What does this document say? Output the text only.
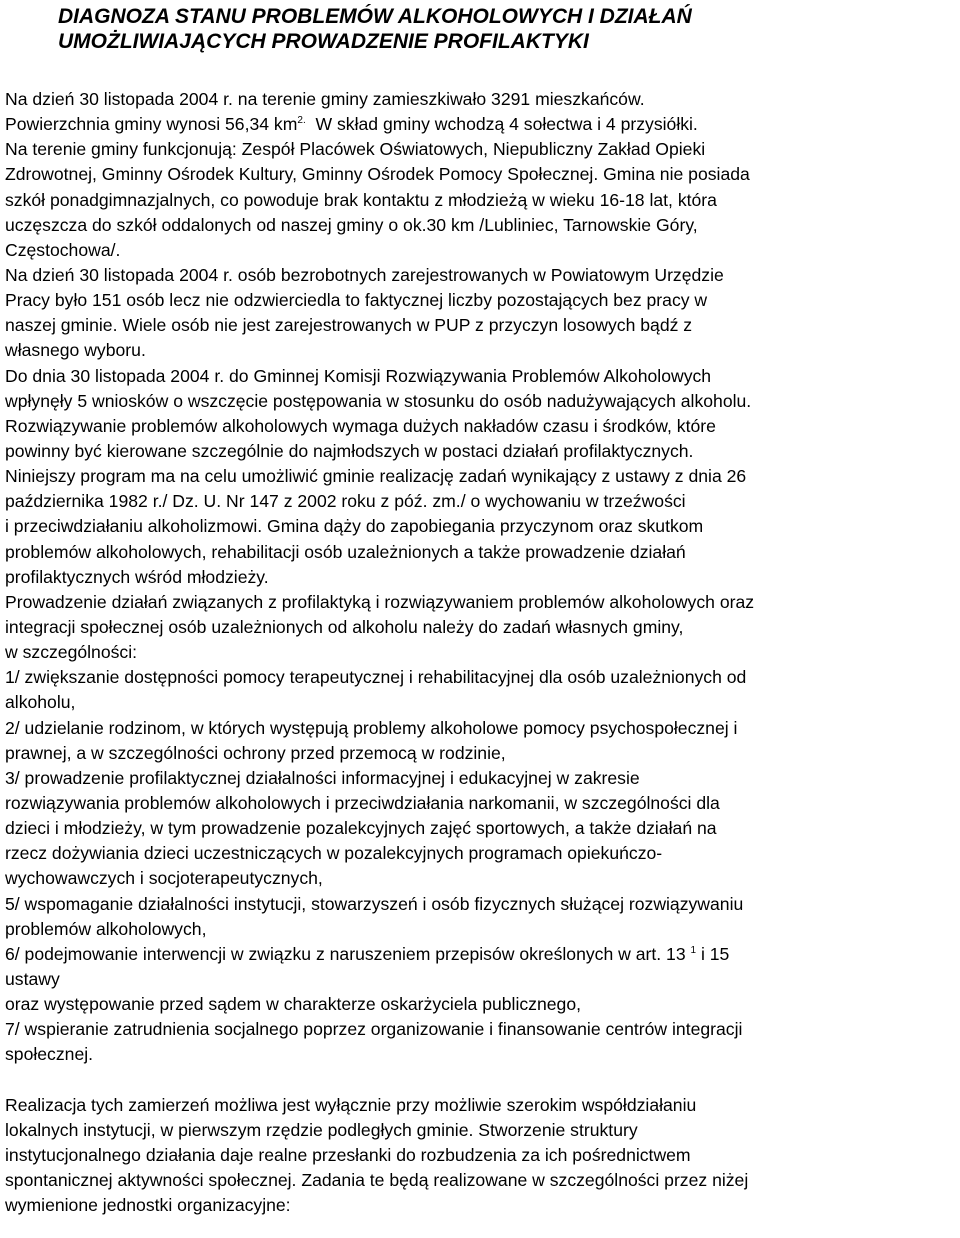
DIAGNOZA STANU PROBLEMÓW ALKOHOLOWYCH I DZIAŁAŃ
UMOŻLIWIAJĄCYCH PROWADZENIE PROFILAKTYKI
Na dzień 30 listopada 2004 r. na terenie gminy zamieszkiwało 3291 mieszkańców.
Powierzchnia gminy wynosi 56,34 $km^{2.}$  W skład gminy wchodzą 4 sołectwa i 4 przysiółki.
Na terenie gminy funkcjonują: Zespół Placówek Oświatowych, Niepubliczny Zakład Opieki
Zdrowotnej, Gminny Ośrodek Kultury, Gminny Ośrodek Pomocy Społecznej. Gmina nie posiada
szkół ponadgimnazjalnych, co powoduje brak kontaktu z młodzieżą w wieku 16-18 lat, która
uczęszcza do szkół oddalonych od naszej gminy o ok.30 km /Lubliniec, Tarnowskie Góry,
Częstochowa/.
Na dzień 30 listopada 2004 r. osób bezrobotnych zarejestrowanych w Powiatowym Urzędzie
Pracy było 151 osób lecz nie odzwierciedla to faktycznej liczby pozostających bez pracy w
naszej gminie. Wiele osób nie jest zarejestrowanych w PUP z przyczyn losowych bądź z
własnego wyboru.
Do dnia 30 listopada 2004 r. do Gminnej Komisji Rozwiązywania Problemów Alkoholowych
wpłynęły 5 wniosków o wszczęcie postępowania w stosunku do osób nadużywających alkoholu.
Rozwiązywanie problemów alkoholowych wymaga dużych nakładów czasu i środków, które
powinny być kierowane szczególnie do najmłodszych w postaci działań profilaktycznych.
Niniejszy program ma na celu umożliwić gminie realizację zadań wynikający z ustawy z dnia 26
października 1982 r./ Dz. U. Nr 147 z 2002 roku z póź. zm./ o wychowaniu w trzeźwości
i przeciwdziałaniu alkoholizmowi. Gmina dąży do zapobiegania przyczynom oraz skutkom
problemów alkoholowych, rehabilitacji osób uzależnionych a także prowadzenie działań
profilaktycznych wśród młodzieży.
Prowadzenie działań związanych z profilaktyką i rozwiązywaniem problemów alkoholowych oraz
integracji społecznej osób uzależnionych od alkoholu należy do zadań własnych gminy,
w szczególności:
1/ zwiększanie dostępności pomocy terapeutycznej i rehabilitacyjnej dla osób uzależnionych od
alkoholu,
2/ udzielanie rodzinom, w których występują problemy alkoholowe pomocy psychospołecznej i
prawnej, a w szczególności ochrony przed przemocą w rodzinie,
3/ prowadzenie profilaktycznej działalności informacyjnej i edukacyjnej w zakresie
rozwiązywania problemów alkoholowych i przeciwdziałania narkomanii, w szczególności dla
dzieci i młodzieży, w tym prowadzenie pozalekcyjnych zajęć sportowych, a także działań na
rzecz dożywiania dzieci uczestniczących w pozalekcyjnych programach opiekuńczo-
wychowawczych i socjoterapeutycznych,
5/ wspomaganie działalności instytucji, stowarzyszeń i osób fizycznych służącej rozwiązywaniu
problemów alkoholowych,
6/ podejmowanie interwencji w związku z naruszeniem przepisów określonych w art. 13 $^1$ i 15
ustawy
oraz występowanie przed sądem w charakterze oskarżyciela publicznego,
7/ wspieranie zatrudnienia socjalnego poprzez organizowanie i finansowanie centrów integracji
społecznej.
Realizacja tych zamierzeń możliwa jest wyłącznie przy możliwie szerokim współdziałaniu
lokalnych instytucji, w pierwszym rzędzie podległych gminie. Stworzenie struktury
instytucjonalnego działania daje realne przesłanki do rozbudzenia za ich pośrednictwem
spontanicznej aktywności społecznej. Zadania te będą realizowane w szczególności przez niżej
wymienione jednostki organizacyjne:
